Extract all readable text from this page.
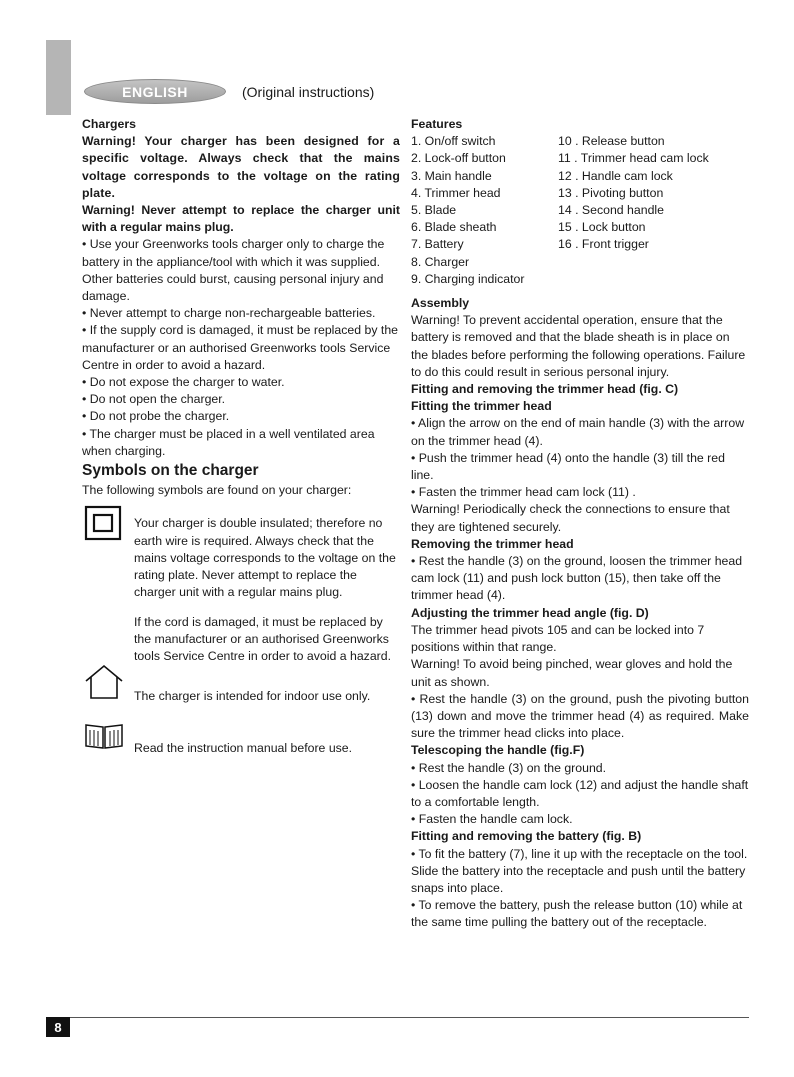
ENGLISH	(Original instructions)

Chargers

Warning! Your charger has been designed for a specific voltage. Always check that the mains voltage corresponds to the voltage on the rating plate.

Warning! Never attempt to replace the charger unit with a regular mains plug.

• Use your Greenworks tools charger only to charge the battery in the appliance/tool with which it was supplied. Other batteries could burst, causing personal injury and damage.

• Never attempt to charge non-rechargeable batteries.

• If the supply cord is damaged, it must be replaced by the manufacturer or an authorised Greenworks tools Service Centre in order to avoid a hazard.

• Do not expose the charger to water.

• Do not open the charger.

• Do not probe the charger.

• The charger must be placed in a well ventilated area when charging.

Symbols on the charger

The following symbols are found on your charger:

Your charger is double insulated; therefore no earth wire is required. Always check that the mains voltage corresponds to the voltage on the rating plate. Never attempt to replace the charger unit with a regular mains plug.

If the cord is damaged, it must be replaced by the manufacturer or an authorised Greenworks tools Service Centre in order to avoid a hazard.

The charger is intended for indoor use only.

Read the instruction manual before use.

Features

1. On/off switch
2. Lock-off button
3. Main handle
4. Trimmer head
5. Blade
6. Blade sheath
7. Battery
8. Charger
9. Charging indicator
10 . Release button
11 . Trimmer head cam lock
12 . Handle cam lock
13 . Pivoting button
14 . Second handle
15 . Lock button
16 . Front trigger

Assembly

Warning! To prevent accidental operation, ensure that the battery is removed and that the blade sheath is in place on the blades before performing the following operations. Failure to do this could result in serious personal injury.

Fitting and removing the trimmer head (fig. C)

Fitting the trimmer head

• Align the arrow on the end of main handle (3) with the arrow on the trimmer head (4).

• Push the trimmer head (4) onto the handle (3) till the red line.

• Fasten the trimmer head cam lock (11) .

Warning! Periodically check the connections to ensure that they are tightened securely.

Removing the trimmer head

• Rest the handle (3) on the ground, loosen the trimmer head cam lock (11) and push lock button (15), then take off the trimmer head (4).

Adjusting the trimmer head angle (fig. D)

The trimmer head pivots 105 and can be locked into 7 positions within that range.

Warning! To avoid being pinched, wear gloves and hold the unit as shown.

• Rest the handle (3) on the ground, push the pivoting button (13) down and move the trimmer head (4) as required. Make sure the trimmer head clicks into place.

Telescoping the handle (fig.F)

• Rest the handle (3) on the ground.

• Loosen the handle cam lock (12) and adjust the handle shaft to a comfortable length.

• Fasten the handle cam lock.

Fitting and removing the battery (fig. B)

• To fit the battery (7), line it up with the receptacle on the tool. Slide the battery into the receptacle and push until the battery snaps into place.

• To remove the battery, push the release button (10) while at the same time pulling the battery out of the receptacle.

8
